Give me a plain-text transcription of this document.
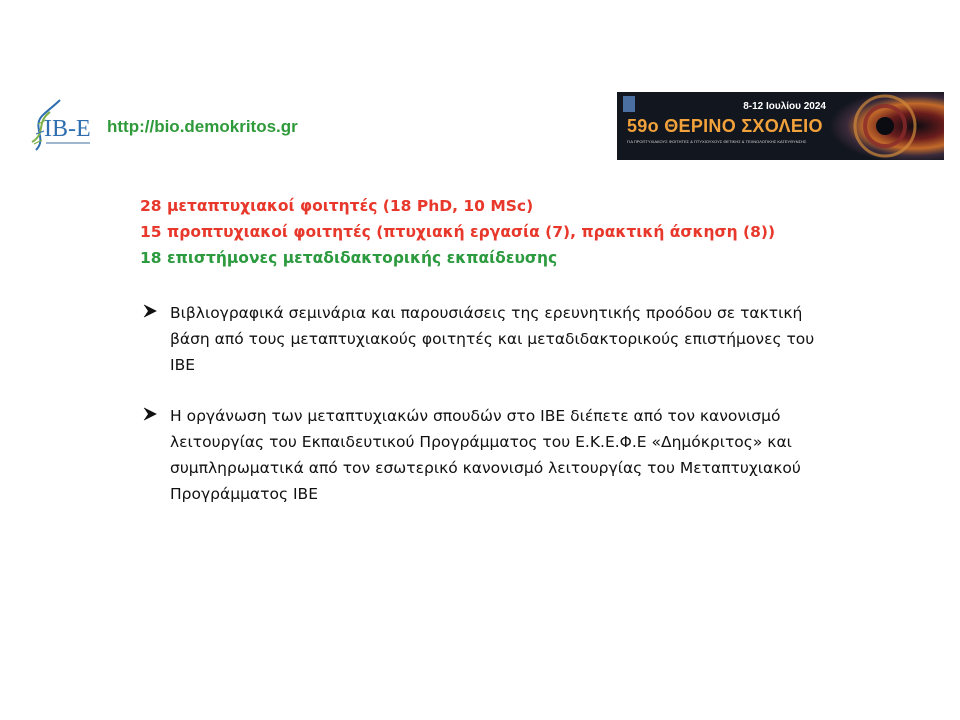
IB-E http://bio.demokritos.gr
8-12 Ιουλίου 2024
59ο ΘΕΡΙΝΟ ΣΧΟΛΕΙΟ
ΓΙΑ ΠΡΟΠΤΥΧΙΑΚΟΥΣ ΦΟΙΤΗΤΕΣ & ΠΤΥΧΙΟΥΧΟΥΣ ΘΕΤΙΚΗΣ & ΤΕΧΝΟΛΟΓΙΚΗΣ ΚΑΤΕΥΘΥΝΣΗΣ
28 μεταπτυχιακοί φοιτητές (18 PhD, 10 MSc)
15 προπτυχιακοί φοιτητές (πτυχιακή εργασία (7), πρακτική άσκηση (8))
18 επιστήμονες μεταδιδακτορικής εκπαίδευσης
Βιβλιογραφικά σεμινάρια και παρουσιάσεις της ερευνητικής προόδου σε τακτική βάση από τους μεταπτυχιακούς φοιτητές και μεταδιδακτορικούς επιστήμονες του ΙΒΕ
Η οργάνωση των μεταπτυχιακών σπουδών στο ΙΒΕ διέπετε από τον κανονισμό λειτουργίας του Εκπαιδευτικού Προγράμματος του Ε.Κ.Ε.Φ.Ε «Δημόκριτος» και συμπληρωματικά από τον εσωτερικό κανονισμό λειτουργίας του Μεταπτυχιακού Προγράμματος ΙΒΕ
